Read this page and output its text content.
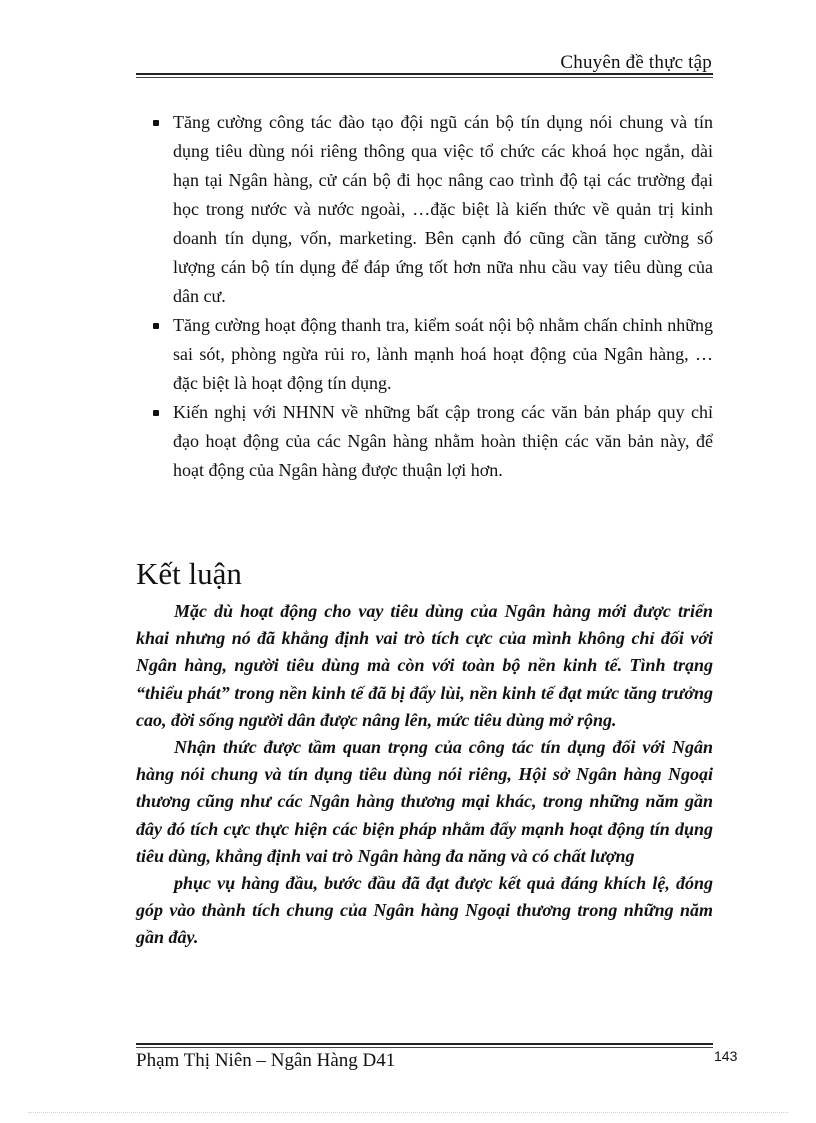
Chuyên đề thực tập

Tăng cường công tác đào tạo đội ngũ cán bộ tín dụng nói chung và tín dụng tiêu dùng nói riêng thông qua việc tổ chức các khoá học ngắn, dài hạn tại Ngân hàng, cử cán bộ đi học nâng cao trình độ tại các trường đại học trong nước và nước ngoài, …đặc biệt là kiến thức về quản trị kinh doanh tín dụng, vốn, marketing. Bên cạnh đó cũng cần tăng cường số lượng cán bộ tín dụng để đáp ứng tốt hơn nữa nhu cầu vay tiêu dùng của dân cư.

Tăng cường hoạt động thanh tra, kiểm soát nội bộ nhằm chấn chỉnh những sai sót, phòng ngừa rủi ro, lành mạnh hoá hoạt động của Ngân hàng, … đặc biệt là hoạt động tín dụng.

Kiến nghị với NHNN về những bất cập trong các văn bản pháp quy chỉ đạo hoạt động của các Ngân hàng nhằm hoàn thiện các văn bản này, để hoạt động của Ngân hàng được thuận lợi hơn.

Kết luận

Mặc dù hoạt động cho vay tiêu dùng của Ngân hàng mới được triển khai nhưng nó đã khẳng định vai trò tích cực của mình không chỉ đối với Ngân hàng, người tiêu dùng mà còn với toàn bộ nền kinh tế. Tình trạng “thiểu phát” trong nền kinh tế đã bị đẩy lùi, nền kinh tế đạt mức tăng trưởng cao, đời sống người dân được nâng lên, mức tiêu dùng mở rộng.

Nhận thức được tầm quan trọng của công tác tín dụng đối với Ngân hàng nói chung và tín dụng tiêu dùng nói riêng, Hội sở Ngân hàng Ngoại thương cũng như các Ngân hàng thương mại khác, trong những năm gần đây đó tích cực thực hiện các biện pháp nhằm đẩy mạnh hoạt động tín dụng tiêu dùng, khẳng định vai trò Ngân hàng đa năng và có chất lượng

phục vụ hàng đầu, bước đầu đã đạt được kết quả đáng khích lệ, đóng góp vào thành tích chung của Ngân hàng Ngoại thương trong những năm gần đây.

Phạm Thị Niên – Ngân Hàng D41	143
